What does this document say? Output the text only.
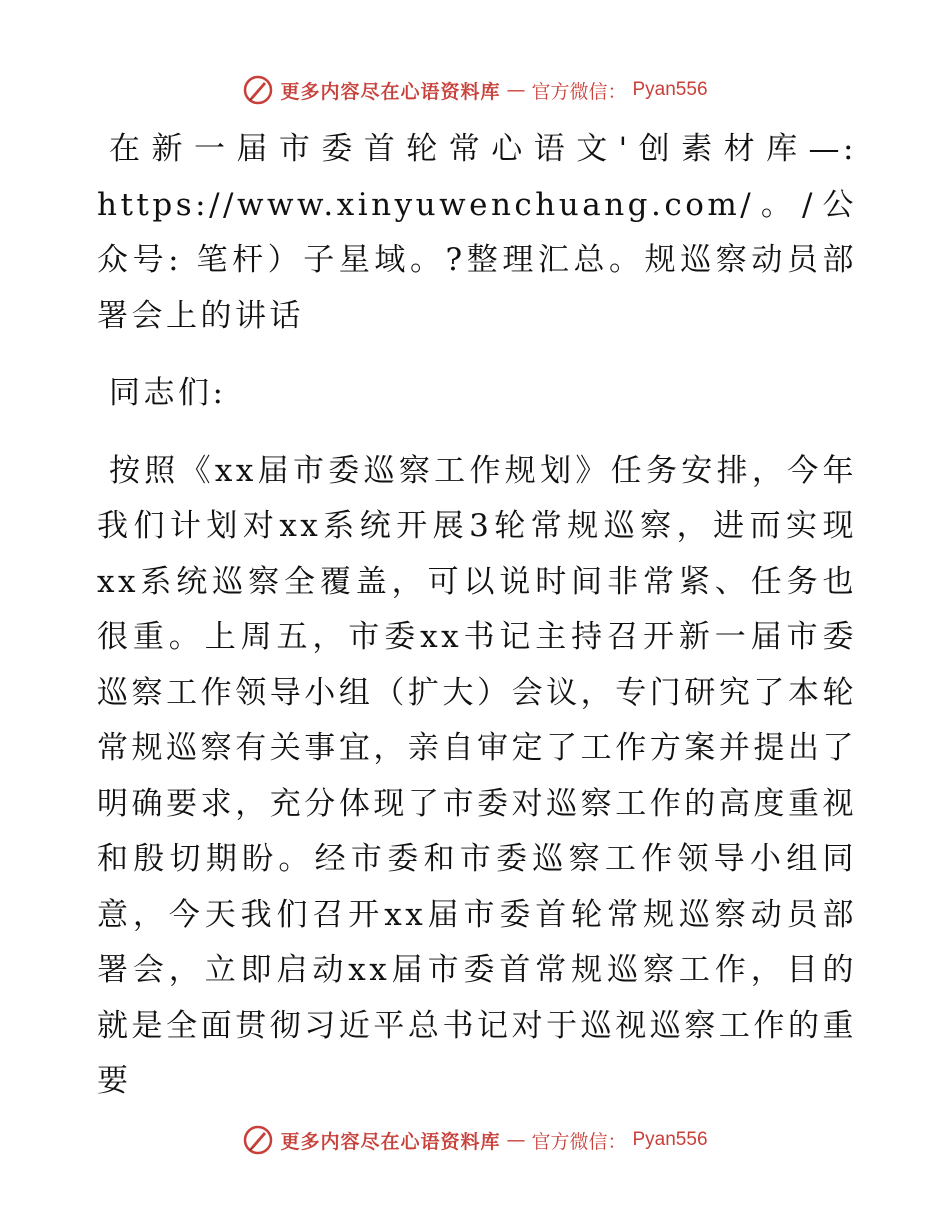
更多内容尽在心语资料库 — 官方微信： Pyan556

在新一届市委首轮常心语文'创素材库—: https://www.xinyuwenchuang.com/。/公众号: 笔杆）子星域。?整理汇总。规巡察动员部署会上的讲话

同志们:

按照《xx届市委巡察工作规划》任务安排，今年我们计划对xx系统开展3轮常规巡察，进而实现xx系统巡察全覆盖，可以说时间非常紧、任务也很重。上周五，市委xx书记主持召开新一届市委巡察工作领导小组（扩大）会议，专门研究了本轮常规巡察有关事宜，亲自审定了工作方案并提出了明确要求，充分体现了市委对巡察工作的高度重视和殷切期盼。经市委和市委巡察工作领导小组同意，今天我们召开xx届市委首轮常规巡察动员部署会，立即启动xx届市委首常规巡察工作，目的就是全面贯彻习近平总书记对于巡视巡察工作的重要

更多内容尽在心语资料库 — 官方微信： Pyan556
